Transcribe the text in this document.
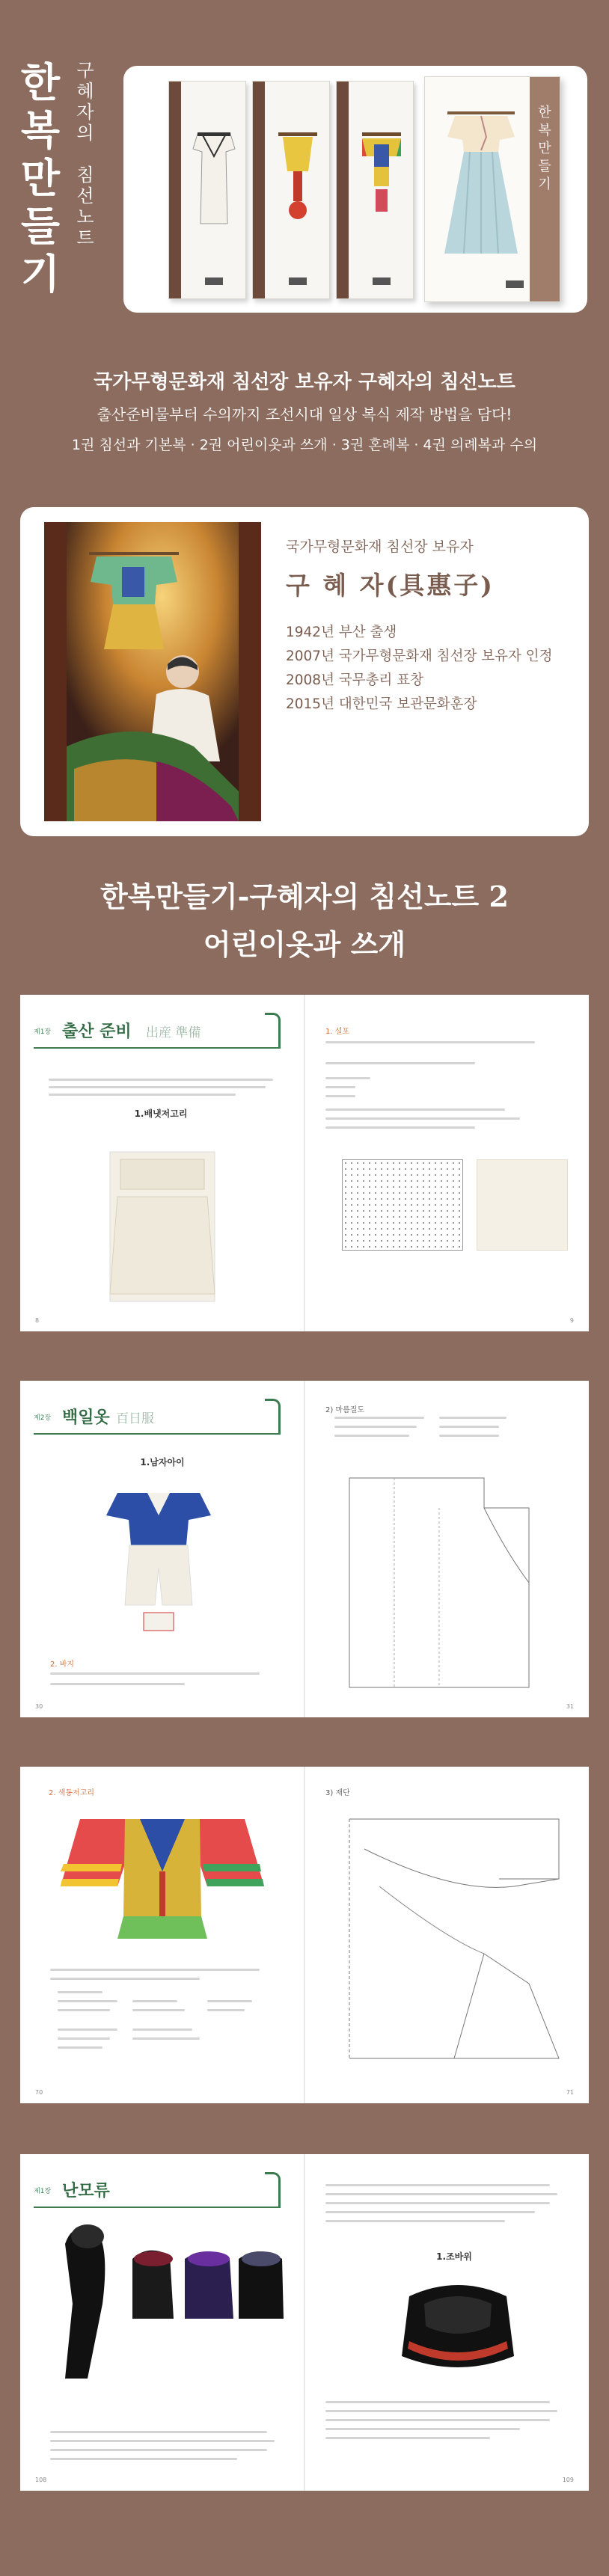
한
복
만
들
기
구
혜
자
의

침
선
노
트
한
복
만
들
기
국가무형문화재 침선장 보유자 구혜자의 침선노트
출산준비물부터 수의까지 조선시대 일상 복식 제작 방법을 담다!
1권 침선과 기본복 · 2권 어린이옷과 쓰개 · 3권 혼례복 · 4권 의례복과 수의
국가무형문화재 침선장 보유자
구 혜 자(具惠子)
1942년 부산 출생
2007년 국가무형문화재 침선장 보유자 인정
2008년 국무총리 표창
2015년 대한민국 보관문화훈장
한복만들기-구혜자의 침선노트 2
어린이옷과 쓰개
제1장 출산 준비 出産 準備
1.배냇저고리
8
1. 설포
9
제2장 백일옷 百日服
1.남자아이
2. 바지
30
2) 마름질도
31
2. 색동저고리
70
3) 재단
71
제1장 난모류
108
1.조바위
109
